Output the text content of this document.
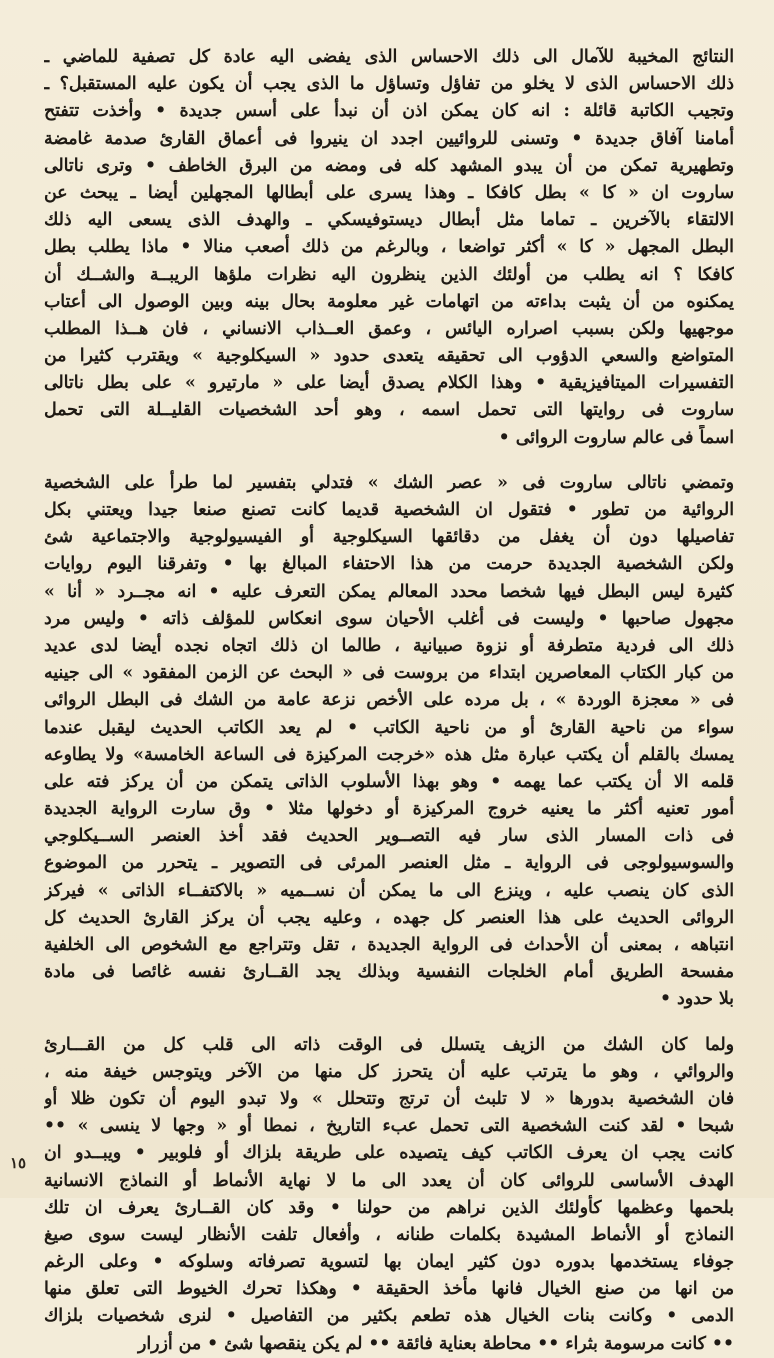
النتائج المخيبة للآمال الى ذلك الاحساس الذى يفضى اليه عادة كل تصفية للماضي ـ
ذلك الاحساس الذى لا يخلو من تفاؤل وتساؤل ما الذى يجب أن يكون عليه المستقبل؟ ـ
وتجيب الكاتبة قائلة : انه كان يمكن اذن أن نبدأ على أسس جديدة • وأخذت تتفتح
أمامنا آفاق جديدة • وتسنى للروائيين اجدد ان ينيروا فى أعماق القارئ صدمة غامضة
وتطهيرية تمكن من أن يبدو المشهد كله فى ومضه من البرق الخاطف • وترى ناتالى
ساروت ان « كا » بطل كافكا ـ وهذا يسرى على أبطالها المجهلين أيضا ـ يبحث عن
الالتقاء بالآخرين ـ تماما مثل أبطال ديستوفيسكي ـ والهدف الذى يسعى اليه ذلك
البطل المجهل « كا » أكثر تواضعا ، وبالرغم من ذلك أصعب منالا • ماذا يطلب بطل
كافكا ؟ انه يطلب من أولئك الذين ينظرون اليه نظرات ملؤها الريبــة والشــك أن
يمكنوه من أن يثبت بداءته من اتهامات غير معلومة بحال بينه وبين الوصول الى أعتاب
موجهيها ولكن بسبب اصراره اليائس ، وعمق العــذاب الانساني ، فان هــذا المطلب
المتواضع والسعي الدؤوب الى تحقيقه يتعدى حدود « السيكلوجية » ويقترب كثيرا من
التفسيرات الميتافيزيقية • وهذا الكلام يصدق أيضا على « مارتيرو » على بطل ناتالى
ساروت فى روايتها التى تحمل اسمه ، وهو أحد الشخصيات القليــلة التى تحمل
اسماً فى عالم ساروت الروائى •
وتمضي ناتالى ساروت فى « عصر الشك » فتدلي بتفسير لما طرأ على الشخصية
الروائية من تطور • فتقول ان الشخصية قديما كانت تصنع صنعا جيدا ويعتني بكل
تفاصيلها دون أن يغفل من دقائقها السيكلوجية أو الفيسيولوجية والاجتماعية شئ
ولكن الشخصية الجديدة حرمت من هذا الاحتفاء المبالغ بها • وتفرقنا اليوم روايات
كثيرة ليس البطل فيها شخصا محدد المعالم يمكن التعرف عليه • انه مجــرد « أنا »
مجهول صاحبها • وليست فى أغلب الأحيان سوى انعكاس للمؤلف ذاته • وليس مرد
ذلك الى فردية متطرفة أو نزوة صبيانية ، طالما ان ذلك اتجاه نجده أيضا لدى عديد
من كبار الكتاب المعاصرين ابتداء من بروست فى « البحث عن الزمن المفقود » الى جينيه
فى « معجزة الوردة » ، بل مرده على الأخص نزعة عامة من الشك فى البطل الروائى
سواء من ناحية القارئ أو من ناحية الكاتب • لم يعد الكاتب الحديث ليقبل عندما
يمسك بالقلم أن يكتب عبارة مثل هذه «خرجت المركيزة فى الساعة الخامسة» ولا يطاوعه
قلمه الا أن يكتب عما يهمه • وهو بهذا الأسلوب الذاتى يتمكن من أن يركز فته على
أمور تعنيه أكثر ما يعنيه خروج المركيزة أو دخولها مثلا • وق سارت الرواية الجديدة
فى ذات المسار الذى سار فيه التصــوير الحديث فقد أخذ العنصر الســيكلوجي
والسوسيولوجى فى الرواية ـ مثل العنصر المرئى فى التصوير ـ يتحرر من الموضوع
الذى كان ينصب عليه ، وينزع الى ما يمكن أن نســميه « بالاكتفــاء الذاتى » فيركز
الروائى الحديث على هذا العنصر كل جهده ، وعليه يجب أن يركز القارئ الحديث كل
انتباهه ، بمعنى أن الأحداث فى الرواية الجديدة ، تقل وتتراجع مع الشخوص الى الخلفية
مفسحة الطريق أمام الخلجات النفسية وبذلك يجد القــارئ نفسه غائصا فى مادة
بلا حدود •
ولما كان الشك من الزيف يتسلل فى الوقت ذاته الى قلب كل من القـــارئ
والروائي ، وهو ما يترتب عليه أن يتحرز كل منها من الآخر ويتوجس خيفة منه ،
فان الشخصية بدورها « لا تلبث أن ترتج وتتحلل » ولا تبدو اليوم أن تكون ظلا أو
شبحا • لقد كنت الشخصية التى تحمل عبء التاريخ ، نمطا أو « وجها لا ينسى » ••
كانت يجب ان يعرف الكاتب كيف يتصيده على طريقة بلزاك أو فلوبير • ويبــدو ان
الهدف الأساسى للروائى كان أن يعدد الى ما لا نهاية الأنماط أو النماذج الانسانية
بلحمها وعظمها كأولئك الذين نراهم من حولنا • وقد كان القــارئ يعرف ان تلك
النماذج أو الأنماط المشيدة بكلمات طنانه ، وأفعال تلفت الأنظار ليست سوى صيغ
جوفاء يستخدمها بدوره دون كثير ايمان بها لتسوية تصرفاته وسلوكه • وعلى الرغم
من انها من صنع الخيال فانها مأخذ الحقيقة • وهكذا تحرك الخيوط التى تعلق منها
الدمى • وكانت بنات الخيال هذه تطعم بكثير من التفاصيل • لنرى شخصيات بلزاك
•• كانت مرسومة بثراء •• محاطة بعناية فائقة •• لم يكن ينقصها شئ • من أزرار
١٥
